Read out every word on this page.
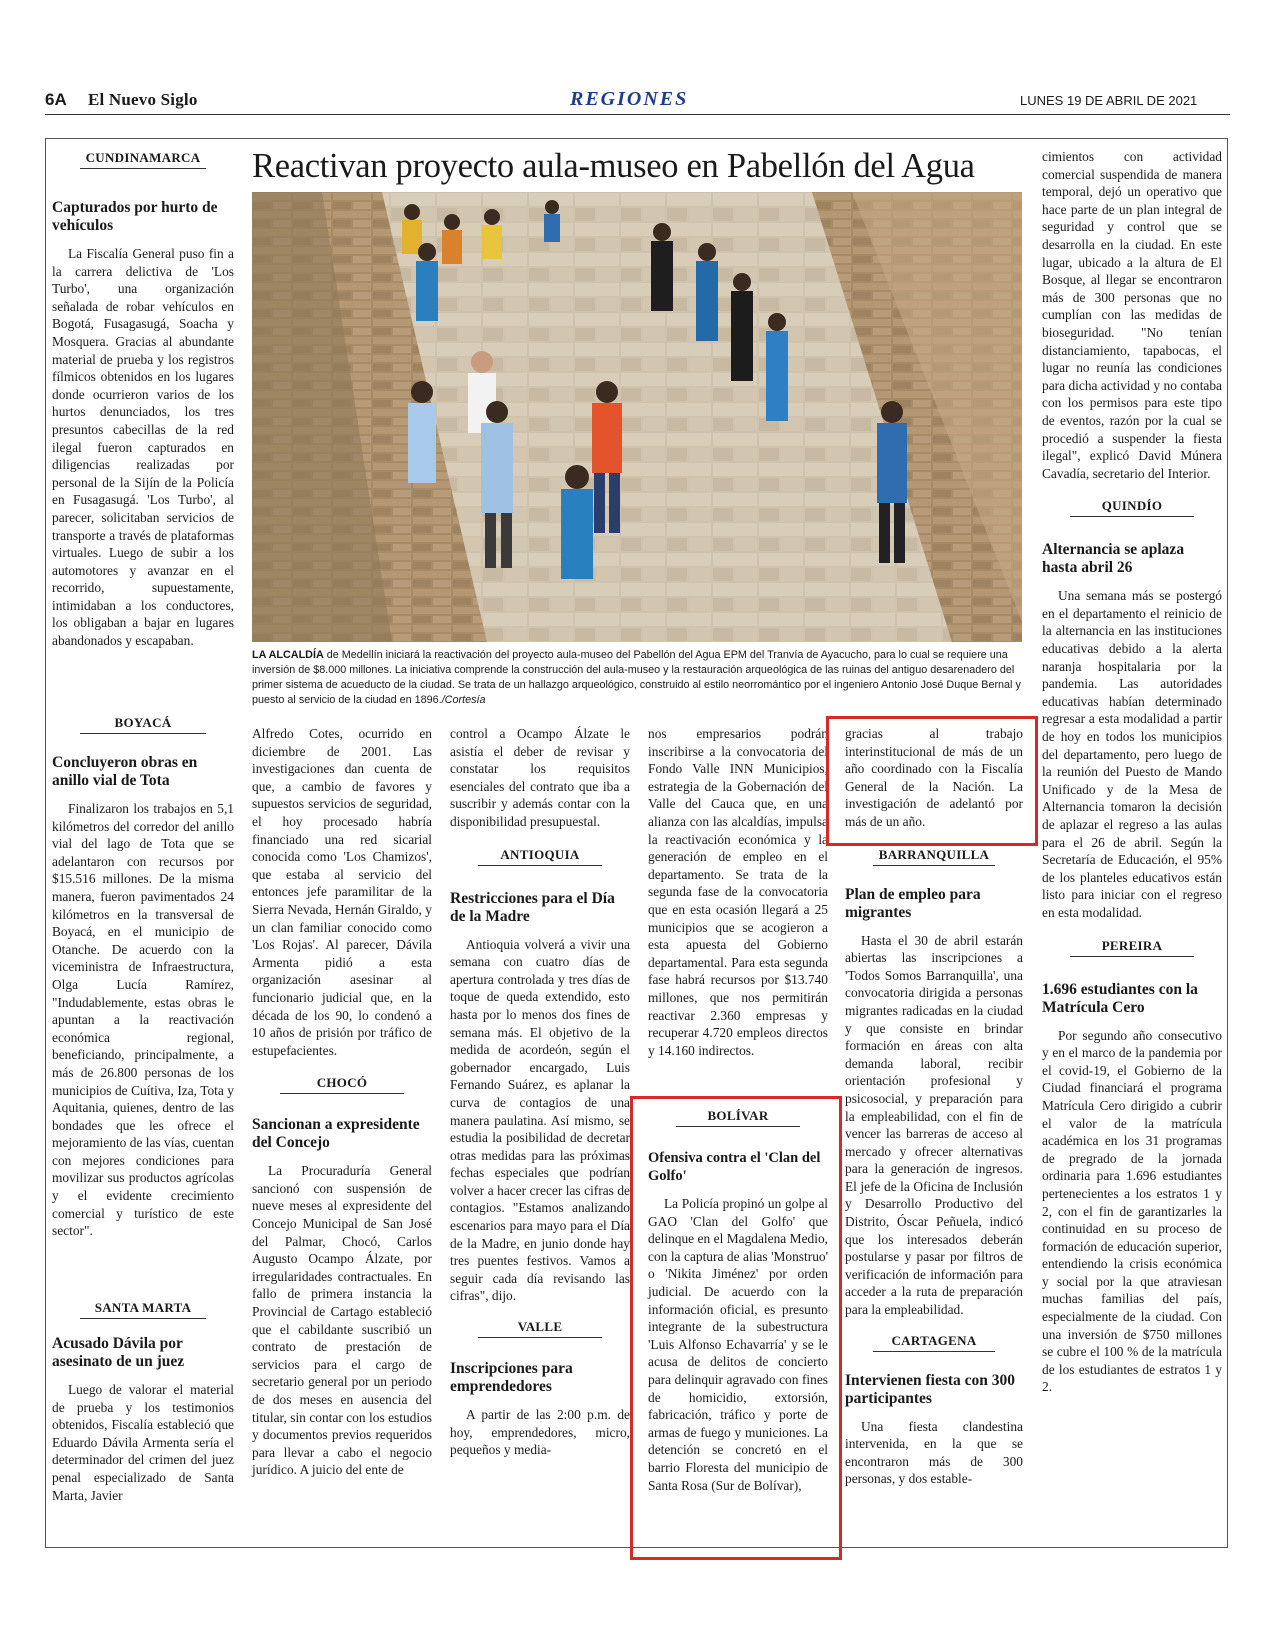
6A El Nuevo Siglo	REGIONES	LUNES 19 DE ABRIL DE 2021
Reactivan proyecto aula-museo en Pabellón del Agua
LA ALCALDÍA de Medellín iniciará la reactivación del proyecto aula-museo del Pabellón del Agua EPM del Tranvía de Ayacucho, para lo cual se requiere una inversión de $8.000 millones. La iniciativa comprende la construcción del aula-museo y la restauración arqueológica de las ruinas del antiguo desarenadero del primer sistema de acueducto de la ciudad. Se trata de un hallazgo arqueológico, construido al estilo neorromántico por el ingeniero Antonio José Duque Bernal y puesto al servicio de la ciudad en 1896./Cortesía
CUNDINAMARCA
Capturados por hurto de vehículos

La Fiscalía General puso fin a la carrera delictiva de 'Los Turbo', una organización señalada de robar vehículos en Bogotá, Fusagasugá, Soacha y Mosquera. Gracias al abundante material de prueba y los registros fílmicos obtenidos en los lugares donde ocurrieron varios de los hurtos denunciados, los tres presuntos cabecillas de la red ilegal fueron capturados en diligencias realizadas por personal de la Sijín de la Policía en Fusagasugá. 'Los Turbo', al parecer, solicitaban servicios de transporte a través de plataformas virtuales. Luego de subir a los automotores y avanzar en el recorrido, supuestamente, intimidaban a los conductores, los obligaban a bajar en lugares abandonados y escapaban.

BOYACÁ
Concluyeron obras en anillo vial de Tota

Finalizaron los trabajos en 5,1 kilómetros del corredor del anillo vial del lago de Tota que se adelantaron con recursos por $15.516 millones. De la misma manera, fueron pavimentados 24 kilómetros en la transversal de Boyacá, en el municipio de Otanche. De acuerdo con la viceministra de Infraestructura, Olga Lucía Ramírez, "Indudablemente, estas obras le apuntan a la reactivación económica regional, beneficiando, principalmente, a más de 26.800 personas de los municipios de Cuítiva, Iza, Tota y Aquitania, quienes, dentro de las bondades que les ofrece el mejoramiento de las vías, cuentan con mejores condiciones para movilizar sus productos agrícolas y el evidente crecimiento comercial y turístico de este sector".

SANTA MARTA
Acusado Dávila por asesinato de un juez

Luego de valorar el material de prueba y los testimonios obtenidos, Fiscalía estableció que Eduardo Dávila Armenta sería el determinador del crimen del juez penal especializado de Santa Marta, Javier

Alfredo Cotes, ocurrido en diciembre de 2001. Las investigaciones dan cuenta de que, a cambio de favores y supuestos servicios de seguridad, el hoy procesado habría financiado una red sicarial conocida como 'Los Chamizos', que estaba al servicio del entonces jefe paramilitar de la Sierra Nevada, Hernán Giraldo, y un clan familiar conocido como 'Los Rojas'. Al parecer, Dávila Armenta pidió a esta organización asesinar al funcionario judicial que, en la década de los 90, lo condenó a 10 años de prisión por tráfico de estupefacientes.

CHOCÓ
Sancionan a expresidente del Concejo

La Procuraduría General sancionó con suspensión de nueve meses al expresidente del Concejo Municipal de San José del Palmar, Chocó, Carlos Augusto Ocampo Álzate, por irregularidades contractuales. En fallo de primera instancia la Provincial de Cartago estableció que el cabildante suscribió un contrato de prestación de servicios para el cargo de secretario general por un periodo de dos meses en ausencia del titular, sin contar con los estudios y documentos previos requeridos para llevar a cabo el negocio jurídico. A juicio del ente de

control a Ocampo Álzate le asistía el deber de revisar y constatar los requisitos esenciales del contrato que iba a suscribir y además contar con la disponibilidad presupuestal.

ANTIOQUIA
Restricciones para el Día de la Madre

Antioquia volverá a vivir una semana con cuatro días de apertura controlada y tres días de toque de queda extendido, esto hasta por lo menos dos fines de semana más. El objetivo de la medida de acordeón, según el gobernador encargado, Luis Fernando Suárez, es aplanar la curva de contagios de una manera paulatina. Así mismo, se estudia la posibilidad de decretar otras medidas para las próximas fechas especiales que podrían volver a hacer crecer las cifras de contagios. "Estamos analizando escenarios para mayo para el Día de la Madre, en junio donde hay tres puentes festivos. Vamos a seguir cada día revisando las cifras", dijo.

VALLE
Inscripciones para emprendedores

A partir de las 2:00 p.m. de hoy, emprendedores, micro, pequeños y media-

nos empresarios podrán inscribirse a la convocatoria del Fondo Valle INN Municipios, estrategia de la Gobernación del Valle del Cauca que, en una alianza con las alcaldías, impulsa la reactivación económica y la generación de empleo en el departamento. Se trata de la segunda fase de la convocatoria que en esta ocasión llegará a 25 municipios que se acogieron a esta apuesta del Gobierno departamental. Para esta segunda fase habrá recursos por $13.740 millones, que nos permitirán reactivar 2.360 empresas y recuperar 4.720 empleos directos y 14.160 indirectos.

BOLÍVAR
Ofensiva contra el 'Clan del Golfo'

La Policía propinó un golpe al GAO 'Clan del Golfo' que delinque en el Magdalena Medio, con la captura de alias 'Monstruo' o 'Nikita Jiménez' por orden judicial. De acuerdo con la información oficial, es presunto integrante de la subestructura 'Luis Alfonso Echavarría' y se le acusa de delitos de concierto para delinquir agravado con fines de homicidio, extorsión, fabricación, tráfico y porte de armas de fuego y municiones. La detención se concretó en el barrio Floresta del municipio de Santa Rosa (Sur de Bolívar),

gracias al trabajo interinstitucional de más de un año coordinado con la Fiscalía General de la Nación. La investigación de adelantó por más de un año.

BARRANQUILLA
Plan de empleo para migrantes

Hasta el 30 de abril estarán abiertas las inscripciones a 'Todos Somos Barranquilla', una convocatoria dirigida a personas migrantes radicadas en la ciudad y que consiste en brindar formación en áreas con alta demanda laboral, recibir orientación profesional y psicosocial, y preparación para la empleabilidad, con el fin de vencer las barreras de acceso al mercado y ofrecer alternativas para la generación de ingresos. El jefe de la Oficina de Inclusión y Desarrollo Productivo del Distrito, Óscar Peñuela, indicó que los interesados deberán postularse y pasar por filtros de verificación de información para acceder a la ruta de preparación para la empleabilidad.

CARTAGENA
Intervienen fiesta con 300 participantes

Una fiesta clandestina intervenida, en la que se encontraron más de 300 personas, y dos estable-

cimientos con actividad comercial suspendida de manera temporal, dejó un operativo que hace parte de un plan integral de seguridad y control que se desarrolla en la ciudad. En este lugar, ubicado a la altura de El Bosque, al llegar se encontraron más de 300 personas que no cumplían con las medidas de bioseguridad. "No tenían distanciamiento, tapabocas, el lugar no reunía las condiciones para dicha actividad y no contaba con los permisos para este tipo de eventos, razón por la cual se procedió a suspender la fiesta ilegal", explicó David Múnera Cavadía, secretario del Interior.

QUINDÍO
Alternancia se aplaza hasta abril 26

Una semana más se postergó en el departamento el reinicio de la alternancia en las instituciones educativas debido a la alerta naranja hospitalaria por la pandemia. Las autoridades educativas habían determinado regresar a esta modalidad a partir de hoy en todos los municipios del departamento, pero luego de la reunión del Puesto de Mando Unificado y de la Mesa de Alternancia tomaron la decisión de aplazar el regreso a las aulas para el 26 de abril. Según la Secretaría de Educación, el 95% de los planteles educativos están listo para iniciar con el regreso en esta modalidad.

PEREIRA
1.696 estudiantes con la Matrícula Cero

Por segundo año consecutivo y en el marco de la pandemia por el covid-19, el Gobierno de la Ciudad financiará el programa Matrícula Cero dirigido a cubrir el valor de la matrícula académica en los 31 programas de pregrado de la jornada ordinaria para 1.696 estudiantes pertenecientes a los estratos 1 y 2, con el fin de garantizarles la continuidad en su proceso de formación de educación superior, entendiendo la crisis económica y social por la que atraviesan muchas familias del país, especialmente de la ciudad. Con una inversión de $750 millones se cubre el 100 % de la matrícula de los estudiantes de estratos 1 y 2.
